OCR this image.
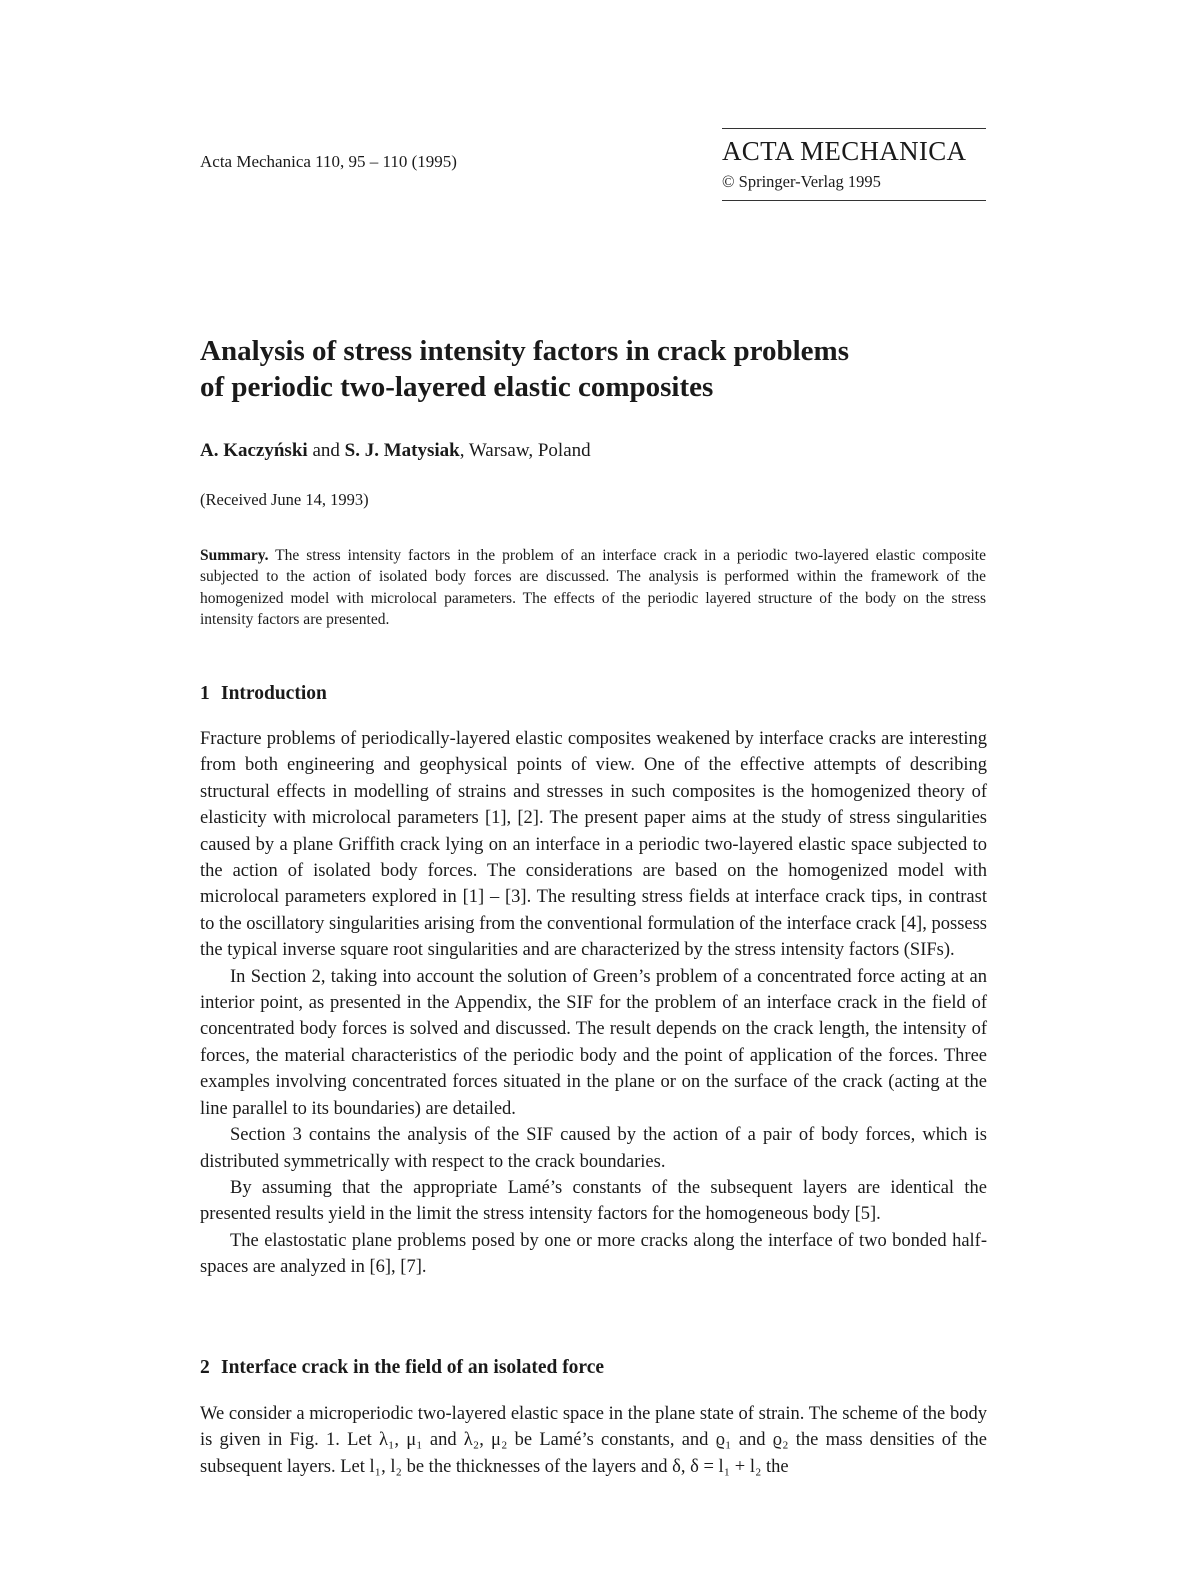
Acta Mechanica 110, 95 – 110 (1995)	ACTA MECHANICA
© Springer-Verlag 1995
Analysis of stress intensity factors in crack problems
of periodic two-layered elastic composites
A. Kaczyński and S. J. Matysiak, Warsaw, Poland
(Received June 14, 1993)

Summary. The stress intensity factors in the problem of an interface crack in a periodic two-layered elastic composite subjected to the action of isolated body forces are discussed. The analysis is performed within the framework of the homogenized model with microlocal parameters. The effects of the periodic layered structure of the body on the stress intensity factors are presented.

1 Introduction

Fracture problems of periodically-layered elastic composites weakened by interface cracks are interesting from both engineering and geophysical points of view. One of the effective attempts of describing structural effects in modelling of strains and stresses in such composites is the homogenized theory of elasticity with microlocal parameters [1], [2]. The present paper aims at the study of stress singularities caused by a plane Griffith crack lying on an interface in a periodic two-layered elastic space subjected to the action of isolated body forces. The considerations are based on the homogenized model with microlocal parameters explored in [1] – [3]. The resulting stress fields at interface crack tips, in contrast to the oscillatory singularities arising from the conventional formulation of the interface crack [4], possess the typical inverse square root singularities and are characterized by the stress intensity factors (SIFs).

In Section 2, taking into account the solution of Green’s problem of a concentrated force acting at an interior point, as presented in the Appendix, the SIF for the problem of an interface crack in the field of concentrated body forces is solved and discussed. The result depends on the crack length, the intensity of forces, the material characteristics of the periodic body and the point of application of the forces. Three examples involving concentrated forces situated in the plane or on the surface of the crack (acting at the line parallel to its boundaries) are detailed.

Section 3 contains the analysis of the SIF caused by the action of a pair of body forces, which is distributed symmetrically with respect to the crack boundaries.

By assuming that the appropriate Lamé’s constants of the subsequent layers are identical the presented results yield in the limit the stress intensity factors for the homogeneous body [5].

The elastostatic plane problems posed by one or more cracks along the interface of two bonded half-spaces are analyzed in [6], [7].

2 Interface crack in the field of an isolated force

We consider a microperiodic two-layered elastic space in the plane state of strain. The scheme of the body is given in Fig. 1. Let λ₁, μ₁ and λ₂, μ₂ be Lamé’s constants, and ϱ₁ and ϱ₂ the mass densities of the subsequent layers. Let l₁, l₂ be the thicknesses of the layers and δ, δ = l₁ + l₂ the
